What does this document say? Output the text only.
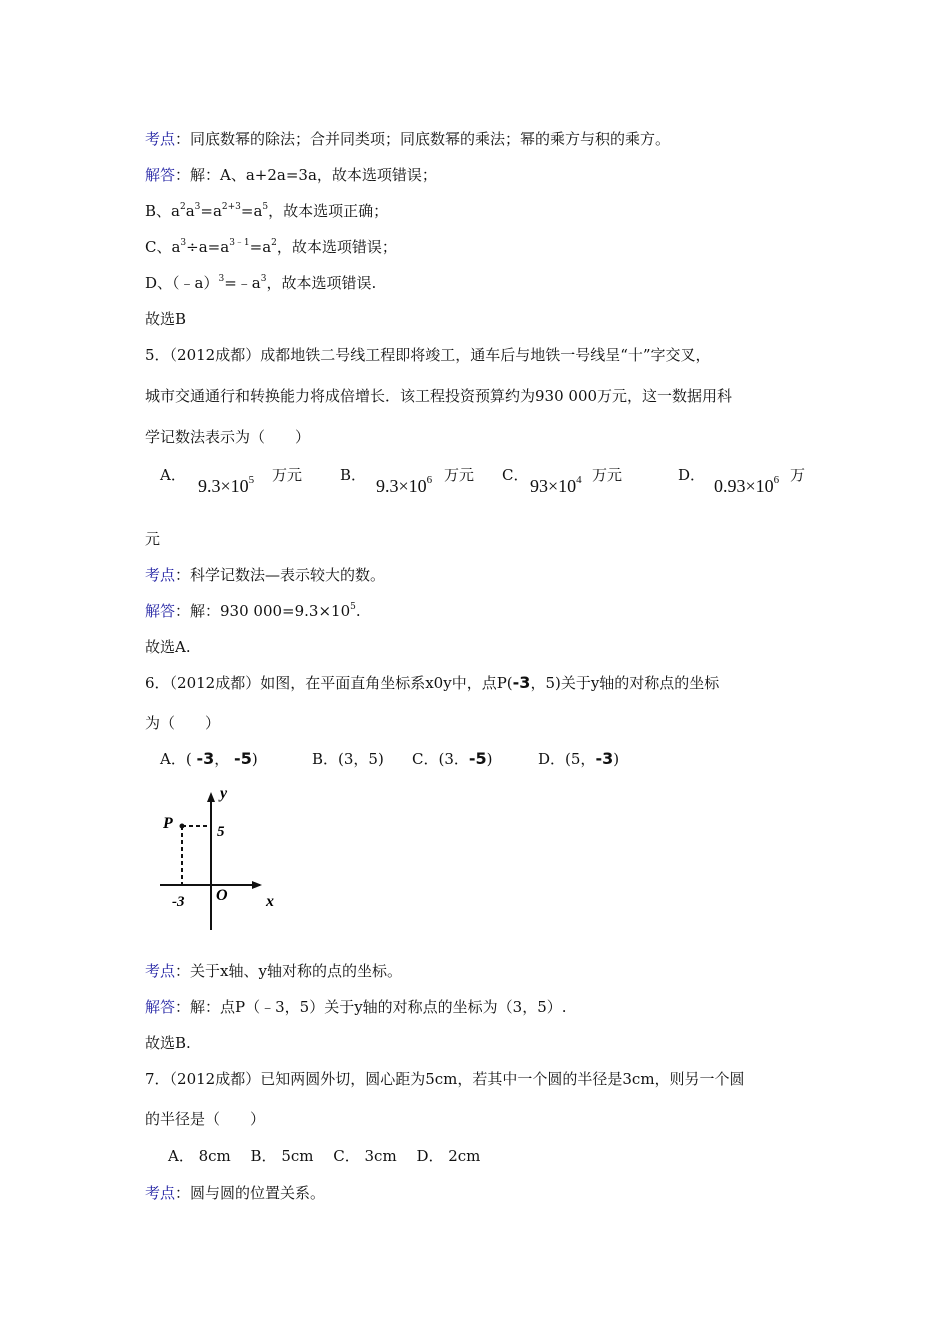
考点：同底数幂的除法；合并同类项；同底数幂的乘法；幂的乘方与积的乘方。
解答：解：A、a+2a=3a，故本选项错误；
B、$a^2a^3=a^{2+3}=a^5$，故本选项正确；
C、$a^3\div a=a^{3﹣1}=a^2$，故本选项错误；
D、$(﹣a)^3=﹣a^3$，故本选项错误.
故选B
5．（2012成都）成都地铁二号线工程即将竣工，通车后与地铁一号线呈“十”字交叉，
城市交通通行和转换能力将成倍增长．该工程投资预算约为930 000万元，这一数据用科
学记数法表示为（　　）
A．
$9.3\times 10^5$ 万元	B．
$9.3\times 10^6$ 万元 C．
$93\times 10^4$ 万元	D．
$0.93\times 10^6$ 万
元
考点：科学记数法—表示较大的数。
解答：解：930 $000=9.3\times 10^5$.
故选A.
6．（2012成都）如图，在平面直角坐标系x0y中，点P(-3，5)关于y轴的对称点的坐标
为（　　）
A．( -3， -5)	B．(3，5) C．(3．-5)	D．(5，-3)
y
x
P	5
-3 O
考点：关于x轴、y轴对称的点的坐标。
解答：解：点P（﹣3，5）关于y轴的对称点的坐标为（3，5）.
故选B.
7．（2012成都）已知两圆外切，圆心距为5cm，若其中一个圆的半径是3cm，则另一个圆
的半径是（　　）
A． 8cm　 B． 5cm　 C． 3cm　 D． 2cm
考点：圆与圆的位置关系。
